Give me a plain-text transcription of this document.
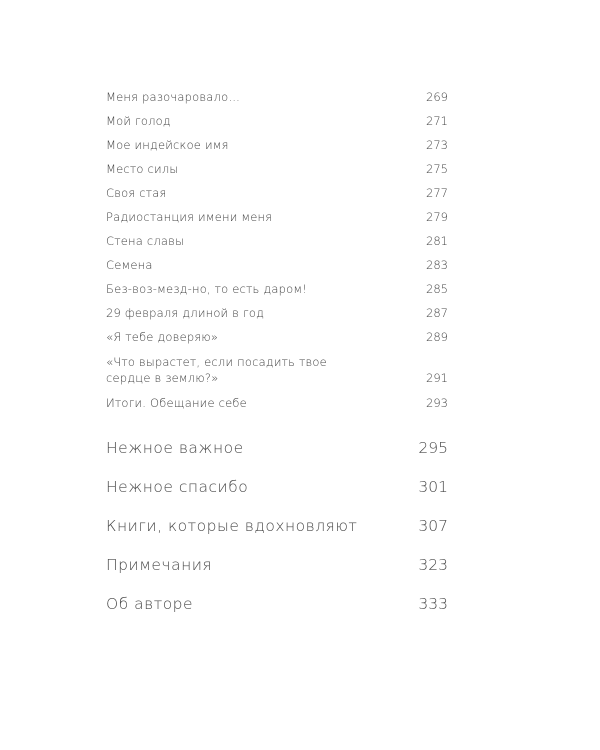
Меня разочаровало…	269
Мой голод	271
Мое индейское имя	273
Место силы	275
Своя стая	277
Радиостанция имени меня	279
Стена славы	281
Семена	283
Без-воз-мезд-но, то есть даром!	285
29 февраля длиной в год	287
«Я тебе доверяю»	289
«Что вырастет, если посадить твое сердце в землю?»	291
Итоги. Обещание себе	293
Нежное важное	295
Нежное спасибо	301
Книги, которые вдохновляют	307
Примечания	323
Об авторе	333
